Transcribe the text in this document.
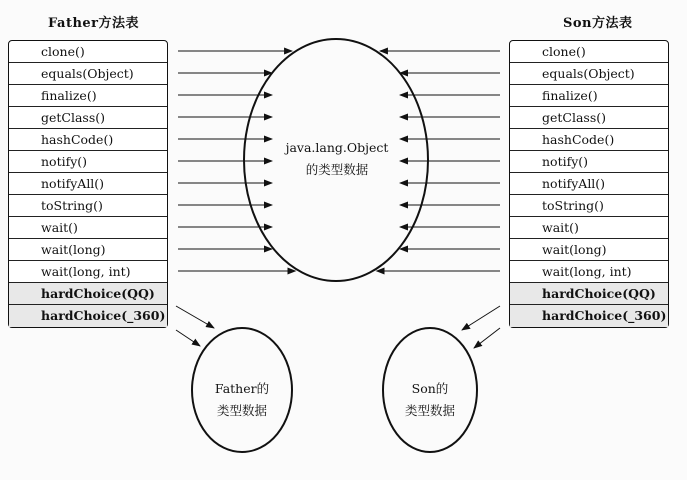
Father方法表	Son方法表
clone()
equals(Object)
finalize()
getClass()
hashCode()
notify()
notifyAll()
toString()
wait()
wait(long)
wait(long, int)
hardChoice(QQ)
hardChoice(_360)
clone()
equals(Object)
finalize()
getClass()
hashCode()
notify()
notifyAll()
toString()
wait()
wait(long)
wait(long, int)
hardChoice(QQ)
hardChoice(_360)
java.lang.Object
的类型数据
Father的
类型数据
Son的
类型数据
